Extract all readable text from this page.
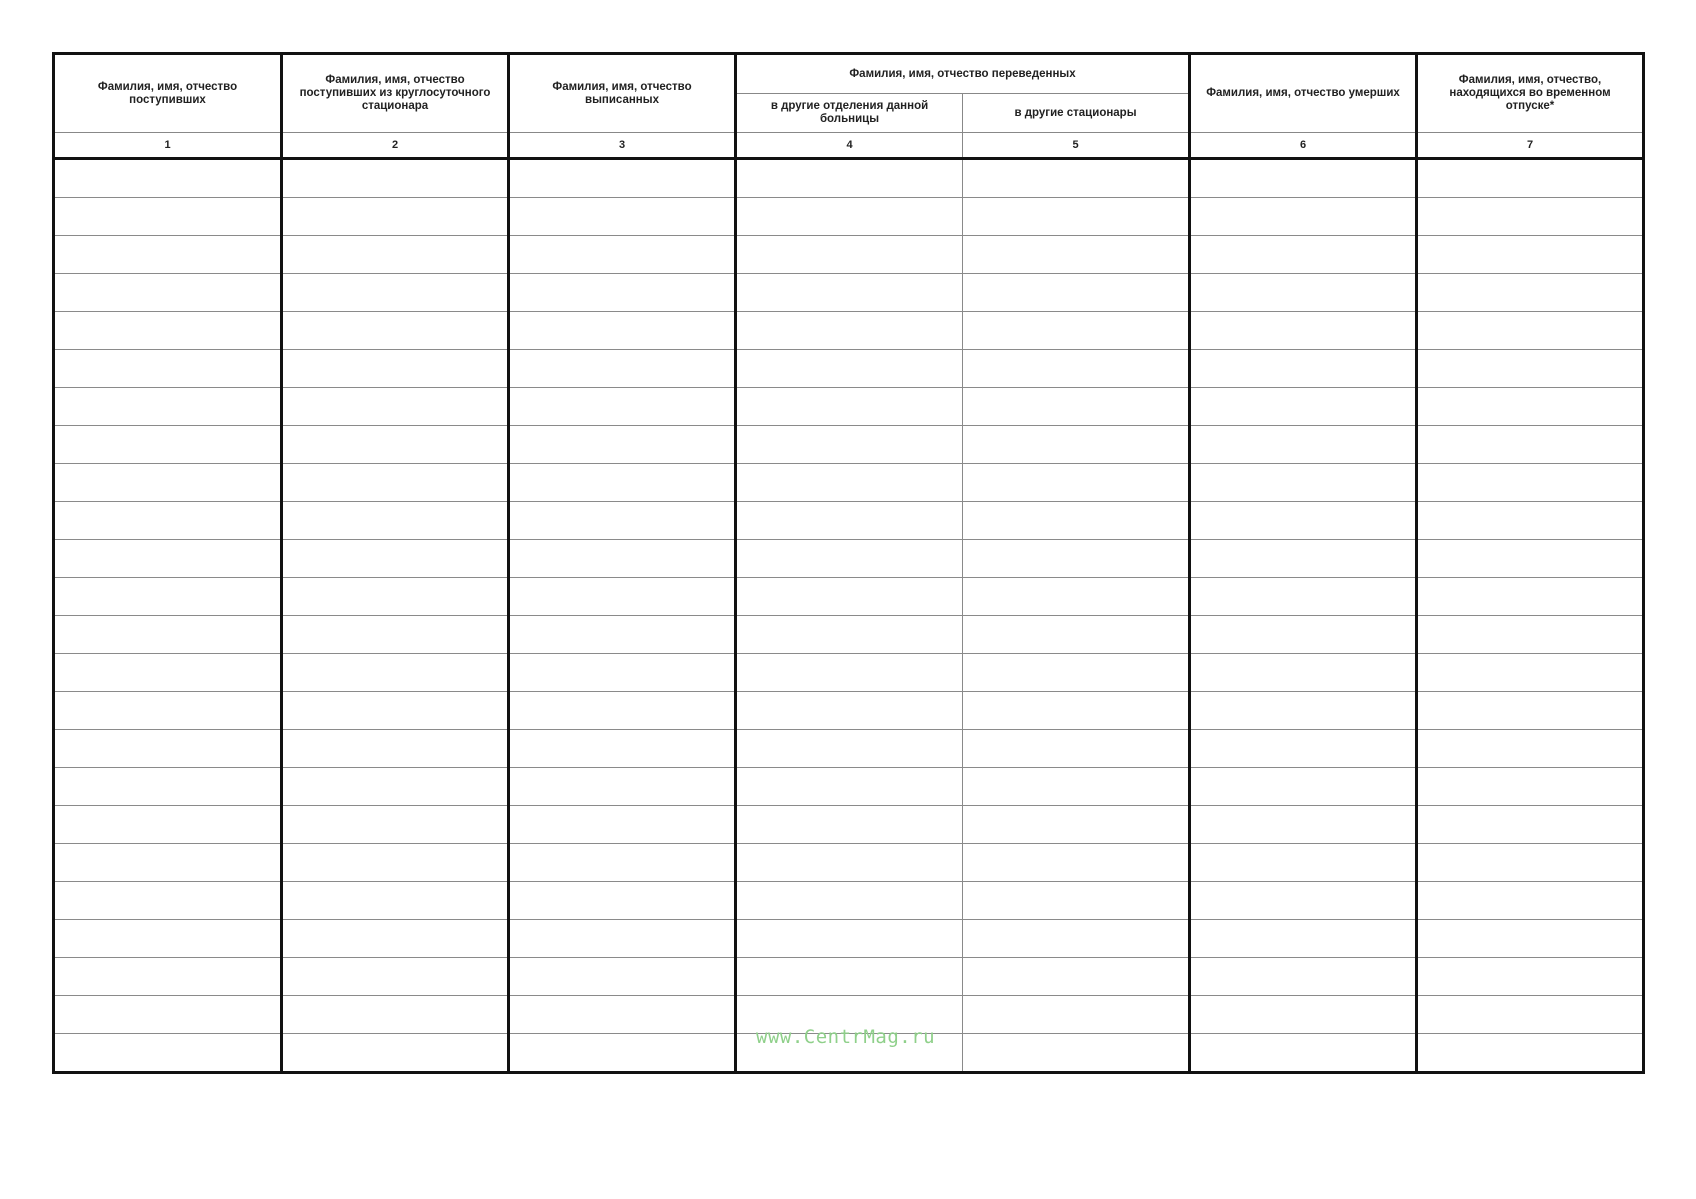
Фамилия, имя, отчество поступивших	Фамилия, имя, отчество поступивших из круглосуточного стационара	Фамилия, имя, отчество выписанных	Фамилия, имя, отчество переведенных		Фамилия, имя, отчество умерших	Фамилия, имя, отчество, находящихся во временном отпуске*
			в другие отделения данной больницы	в другие стационары		
1	2	3	4	5	6	7

www.CentrMag.ru
